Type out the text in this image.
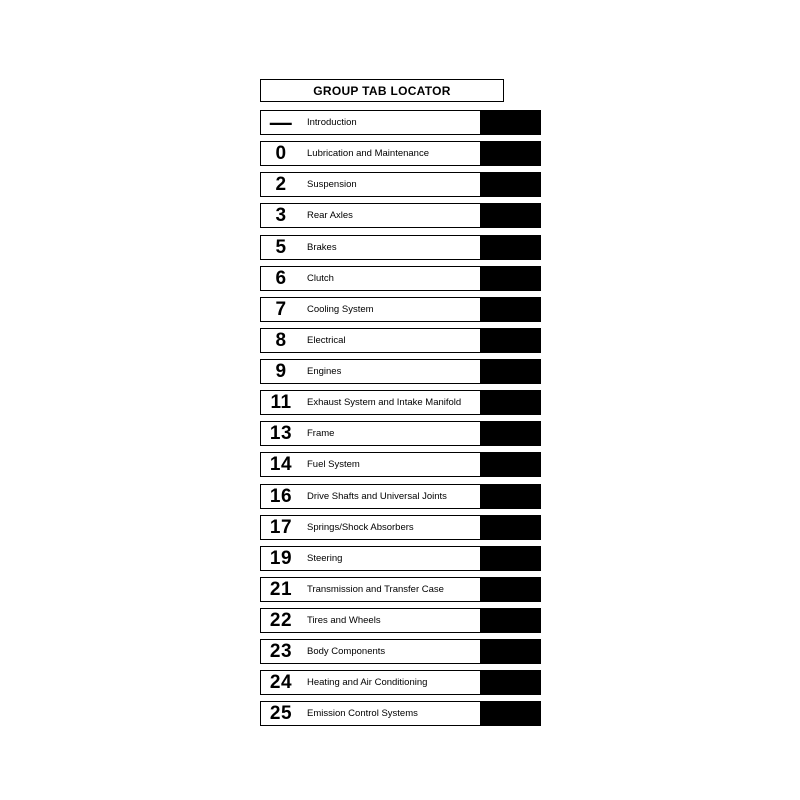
GROUP TAB LOCATOR
—	Introduction
0	Lubrication and Maintenance
2	Suspension
3	Rear Axles
5	Brakes
6	Clutch
7	Cooling System
8	Electrical
9	Engines
11	Exhaust System and Intake Manifold
13	Frame
14	Fuel System
16	Drive Shafts and Universal Joints
17	Springs/Shock Absorbers
19	Steering
21	Transmission and Transfer Case
22	Tires and Wheels
23	Body Components
24	Heating and Air Conditioning
25	Emission Control Systems
